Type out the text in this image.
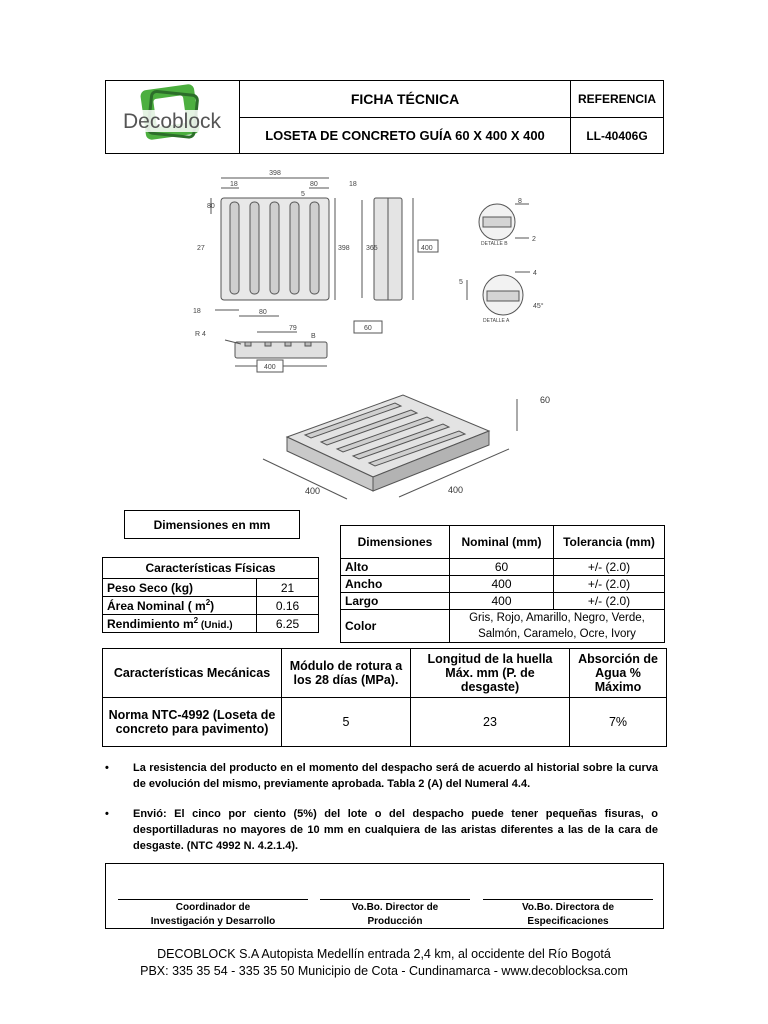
Decoblock
FICHA TÉCNICA
LOSETA DE CONCRETO GUÍA 60 X 400 X 400
REFERENCIA
LL-40406G
398
18	18
80
80
5
27	398
18	80
365	400
8
2
DETALLE B
5
4
45°
DETALLE A
R 4
79
B
60
400
60
400	400
Dimensiones en mm
Características Físicas	
Peso Seco (kg)	21
Área Nominal ( $m^2$)	0.16
Rendimiento $m^2$ (Unid.)	6.25
Dimensiones	Nominal (mm)	Tolerancia (mm)
Alto	60	+/- (2.0)
Ancho	400	+/- (2.0)
Largo	400	+/- (2.0)
Color	Gris, Rojo, Amarillo, Negro, Verde,
Salmón, Caramelo, Ocre, Ivory	
Características Mecánicas	Módulo de rotura a los 28 días (MPa).	Longitud de la huella Máx. mm (P. de desgaste)	Absorción de Agua % Máximo
Norma NTC-4992 (Loseta de concreto para pavimento)	5	23	7%
• La resistencia del producto en el momento del despacho será de acuerdo al historial sobre la curva de evolución del mismo, previamente aprobada. Tabla 2 (A) del Numeral 4.4.
• Envió: El cinco por ciento (5%) del lote o del despacho puede tener pequeñas fisuras, o desportilladuras no mayores de 10 mm en cualquiera de las aristas diferentes a las de la cara de desgaste. (NTC 4992 N. 4.2.1.4).
Coordinador de
Investigación y Desarrollo
Vo.Bo. Director de
Producción
Vo.Bo. Directora de
Especificaciones
DECOBLOCK S.A Autopista Medellín entrada 2,4 km, al occidente del Río Bogotá
PBX: 335 35 54 - 335 35 50 Municipio de Cota - Cundinamarca - www.decoblocksa.com
